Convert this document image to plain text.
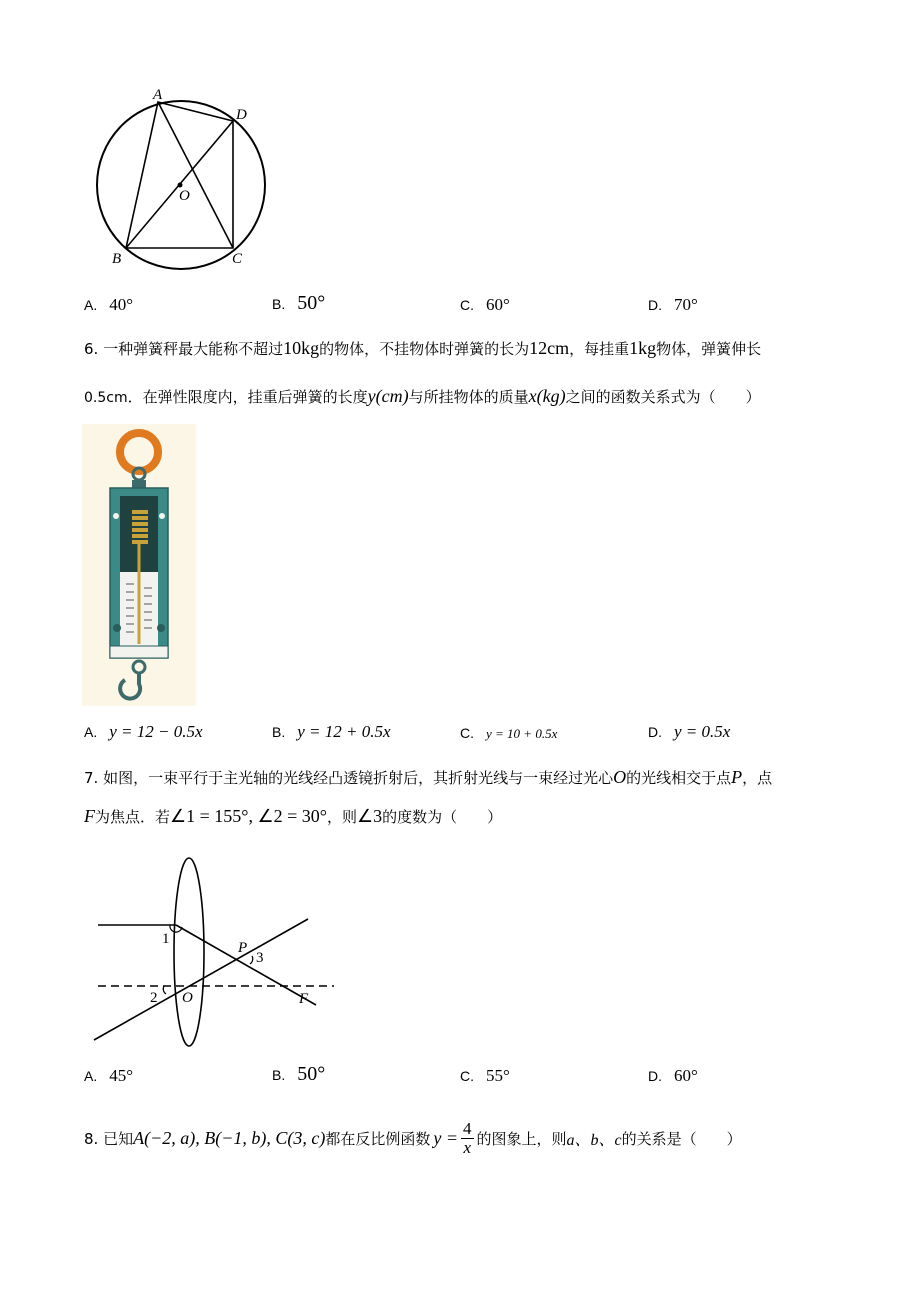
A
D
O
B	C
A. 40°	B. 50°	C. 60°	D. 70°
6. 一种弹簧秤最大能称不超过10kg的物体，不挂物体时弹簧的长为12cm，每挂重1kg物体，弹簧伸长
0.5cm．在弹性限度内，挂重后弹簧的长度y(cm)与所挂物体的质量x(kg)之间的函数关系式为（　　）
A. y = 12 − 0.5x	B. y = 12 + 0.5x	C. y = 10 + 0.5x	D. y = 0.5x
7. 如图，一束平行于主光轴的光线经凸透镜折射后，其折射光线与一束经过光心O的光线相交于点P，点
F为焦点．若∠1 = 155°, ∠2 = 30°，则∠3的度数为（　　）
1
2
3
P
O	F
A. 45°	B. 50°	C. 55°	D. 60°
8.
已知 A(−2, a), B(−1, b), C(3, c) 都在反比例函数 $y = \frac{4}{x}$ 的图象上，则 a、b、c 的关系是（　　）
